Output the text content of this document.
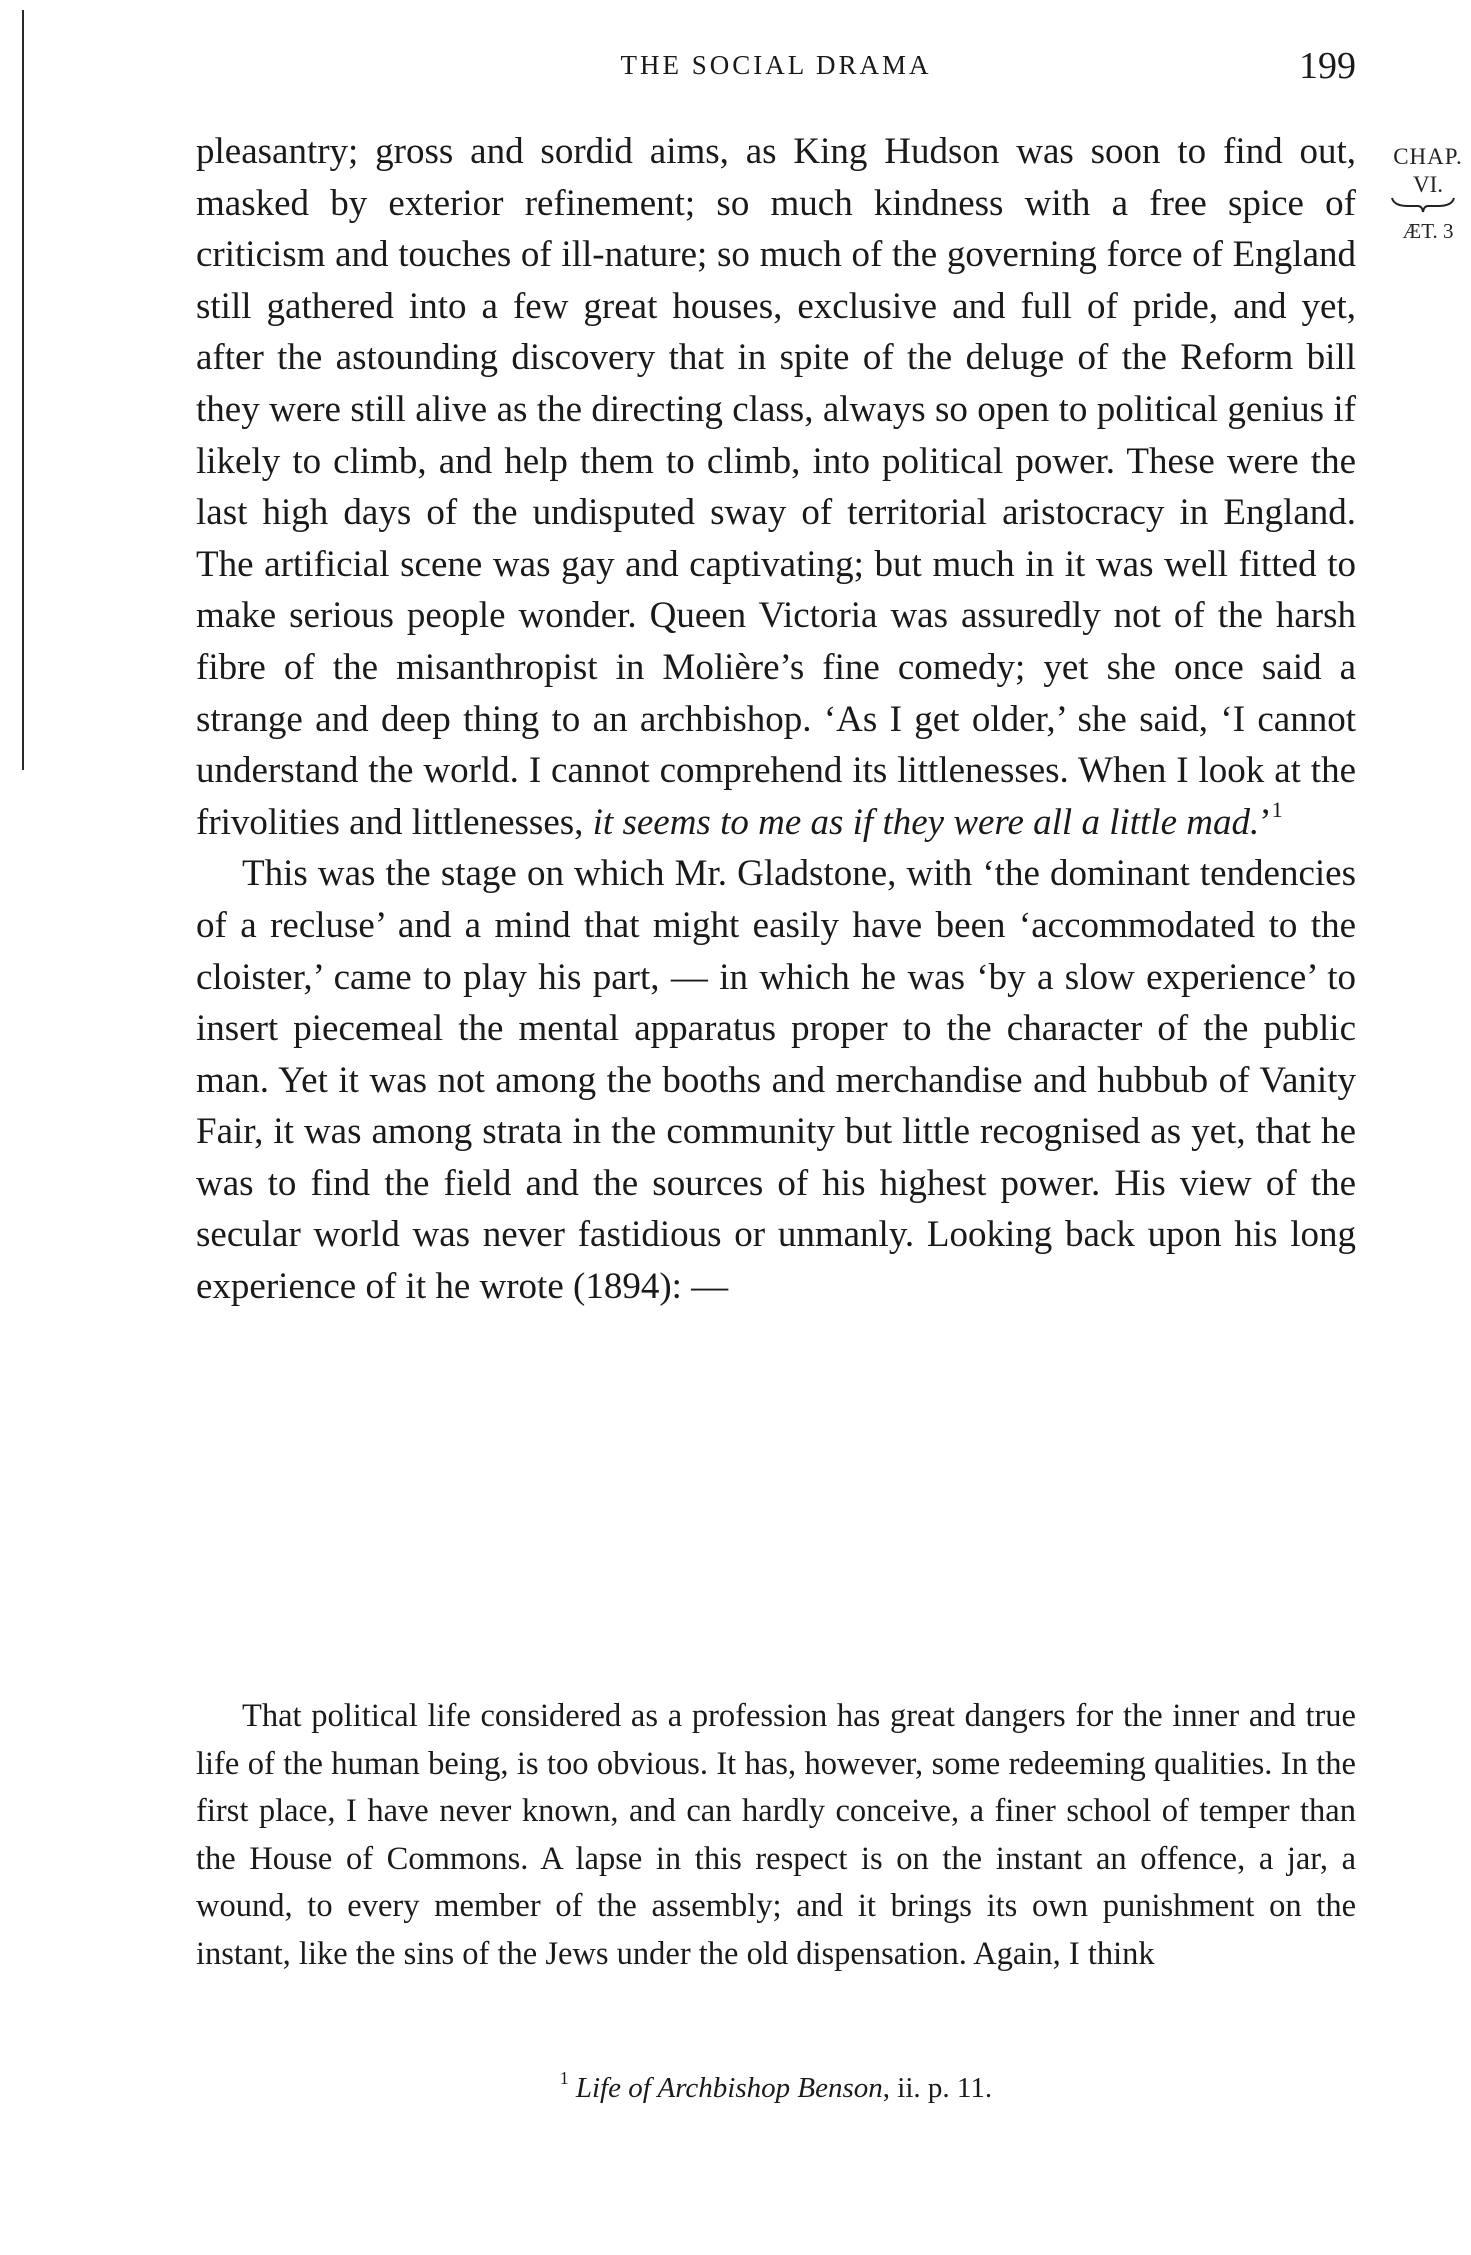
THE SOCIAL DRAMA	199
CHAP.
VI.
ÆT. 3

pleasantry; gross and sordid aims, as King Hudson was soon to find out, masked by exterior refinement; so much kindness with a free spice of criticism and touches of ill-nature; so much of the governing force of England still gathered into a few great houses, exclusive and full of pride, and yet, after the astounding discovery that in spite of the deluge of the Reform bill they were still alive as the directing class, always so open to political genius if likely to climb, and help them to climb, into political power. These were the last high days of the undisputed sway of territorial aristocracy in England. The artificial scene was gay and captivating; but much in it was well fitted to make serious people wonder. Queen Victoria was assuredly not of the harsh fibre of the misanthropist in Molière’s fine comedy; yet she once said a strange and deep thing to an archbishop. ‘As I get older,’ she said, ‘I cannot understand the world. I cannot comprehend its littlenesses. When I look at the frivolities and littlenesses, it seems to me as if they were all a little mad.’$^1$

This was the stage on which Mr. Gladstone, with ‘the dominant tendencies of a recluse’ and a mind that might easily have been ‘accommodated to the cloister,’ came to play his part, — in which he was ‘by a slow experience’ to insert piecemeal the mental apparatus proper to the character of the public man. Yet it was not among the booths and merchandise and hubbub of Vanity Fair, it was among strata in the community but little recognised as yet, that he was to find the field and the sources of his highest power. His view of the secular world was never fastidious or unmanly. Looking back upon his long experience of it he wrote (1894): —

That political life considered as a profession has great dangers for the inner and true life of the human being, is too obvious. It has, however, some redeeming qualities. In the first place, I have never known, and can hardly conceive, a finer school of temper than the House of Commons. A lapse in this respect is on the instant an offence, a jar, a wound, to every member of the assembly; and it brings its own punishment on the instant, like the sins of the Jews under the old dispensation. Again, I think

$^1$ Life of Archbishop Benson, ii. p. 11.
